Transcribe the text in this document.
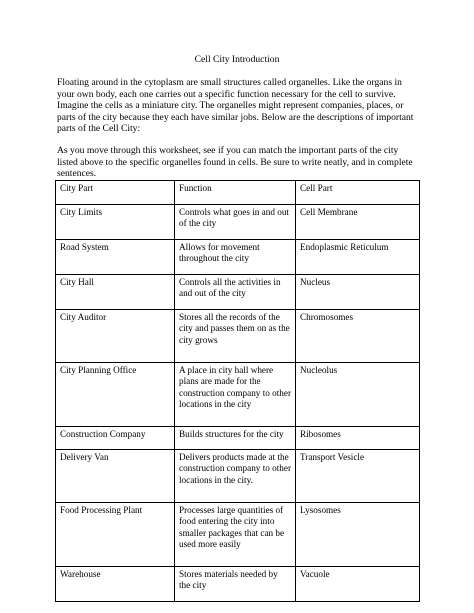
Cell City Introduction

Floating around in the cytoplasm are small structures called organelles. Like the organs in your own body, each one carries out a specific function necessary for the cell to survive. Imagine the cells as a miniature city. The organelles might represent companies, places, or parts of the city because they each have similar jobs. Below are the descriptions of important parts of the Cell City:

As you move through this worksheet, see if you can match the important parts of the city listed above to the specific organelles found in cells. Be sure to write neatly, and in complete sentences.

City Part	Function	Cell Part
City Limits	Controls what goes in and out of the city	Cell Membrane
Road System	Allows for movement throughout the city	Endoplasmic Reticulum
City Hall	Controls all the activities in and out of the city	Nucleus
City Auditor	Stores all the records of the city and passes them on as the city grows	Chromosomes
City Planning Office	A place in city hall where plans are made for the construction company to other locations in the city	Nucleolus
Construction Company	Builds structures for the city	Ribosomes
Delivery Van	Delivers products made at the construction company to other locations in the city.	Transport Vesicle
Food Processing Plant	Processes large quantities of food entering the city into smaller packages that can be used more easily	Lysosomes
Warehouse	Stores materials needed by the city	Vacuole
